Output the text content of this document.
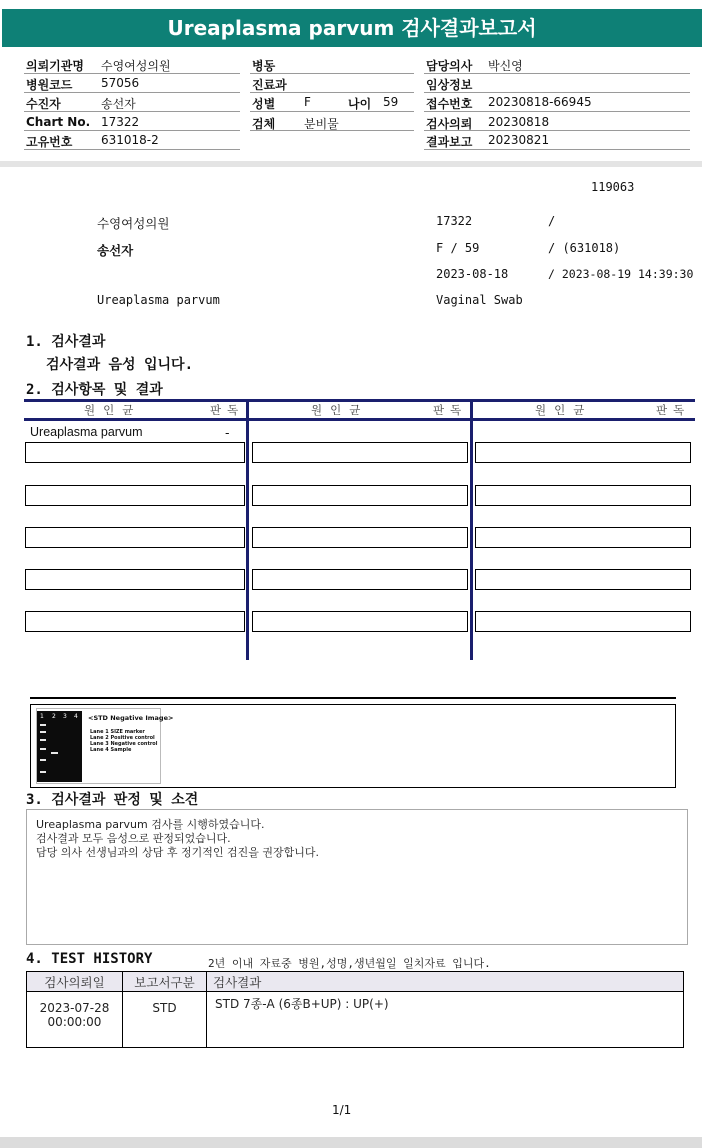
Ureaplasma parvum 검사결과보고서
의뢰기관명 수영여성의원
병원코드 57056
수진자	송선자
Chart No. 17322
고유번호 631018-2
병동
진료과
성별 F	나이 59
검체 분비물
담당의사 박신영
임상정보
접수번호 20230818-66945
검사의뢰 20230818
결과보고 20230821
119063
수영여성의원	17322	/
송선자	F / 59	/ (631018)
2023-08-18	/ 2023-08-19 14:39:30
Ureaplasma parvum	Vaginal Swab
1. 검사결과
검사결과 음성 입니다.
2. 검사항목 및 결과
원인균	판독	원인균	판독	원인균	판독
Ureaplasma parvum	-
1 2 3 4 <STD Negative Image>
Lane 1 SIZE marker
Lane 2 Positive control
Lane 3 Negative control
Lane 4 Sample
3. 검사결과 판정 및 소견
Ureaplasma parvum 검사를 시행하였습니다.
검사결과 모두 음성으로 판정되었습니다.
담당 의사 선생님과의 상담 후 정기적인 검진을 권장합니다.
4. TEST HISTORY	2년 이내 자료중 병원,성명,생년월일 일치자료 입니다.
검사의뢰일	보고서구분	검사결과

2023-07-28
00:00:00	STD	STD 7종-A (6종B+UP) : UP(+)
1/1
